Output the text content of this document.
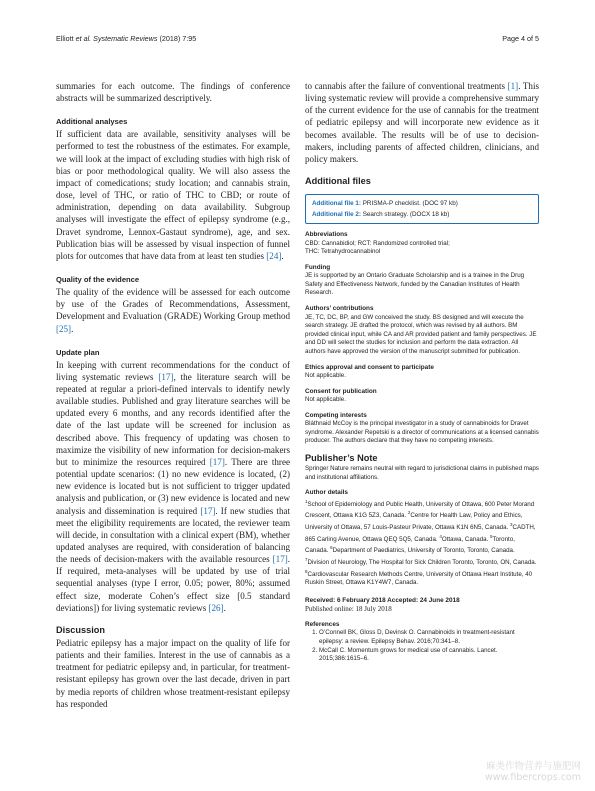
Elliott et al. Systematic Reviews (2018) 7:95	Page 4 of 5

summaries for each outcome. The findings of conference abstracts will be summarized descriptively.

Additional analyses

If sufficient data are available, sensitivity analyses will be performed to test the robustness of the estimates. For example, we will look at the impact of excluding studies with high risk of bias or poor methodological quality. We will also assess the impact of comedications; study location; and cannabis strain, dose, level of THC, or ratio of THC to CBD; or route of administration, depending on data availability. Subgroup analyses will investigate the effect of epilepsy syndrome (e.g., Dravet syndrome, Lennox-Gastaut syndrome), age, and sex. Publication bias will be assessed by visual inspection of funnel plots for outcomes that have data from at least ten studies [24].

Quality of the evidence

The quality of the evidence will be assessed for each outcome by use of the Grades of Recommendations, Assessment, Development and Evaluation (GRADE) Working Group method [25].

Update plan

In keeping with current recommendations for the conduct of living systematic reviews [17], the literature search will be repeated at regular a priori-defined intervals to identify newly available studies. Published and gray literature searches will be updated every 6 months, and any records identified after the date of the last update will be screened for inclusion as described above. This frequency of updating was chosen to maximize the visibility of new information for decision-makers but to minimize the resources required [17]. There are three potential update scenarios: (1) no new evidence is located, (2) new evidence is located but is not sufficient to trigger updated analysis and publication, or (3) new evidence is located and new analysis and dissemination is required [17]. If new studies that meet the eligibility requirements are located, the reviewer team will decide, in consultation with a clinical expert (BM), whether updated analyses are required, with consideration of balancing the needs of decision-makers with the available resources [17]. If required, meta-analyses will be updated by use of trial sequential analyses (type I error, 0.05; power, 80%; assumed effect size, moderate Cohen’s effect size [0.5 standard deviations]) for living systematic reviews [26].

Discussion

Pediatric epilepsy has a major impact on the quality of life for patients and their families. Interest in the use of cannabis as a treatment for pediatric epilepsy and, in particular, for treatment-resistant epilepsy has grown over the last decade, driven in part by media reports of children whose treatment-resistant epilepsy has responded

to cannabis after the failure of conventional treatments [1]. This living systematic review will provide a comprehensive summary of the current evidence for the use of cannabis for the treatment of pediatric epilepsy and will incorporate new evidence as it becomes available. The results will be of use to decision-makers, including parents of affected children, clinicians, and policy makers.

Additional files
Additional file 1: PRISMA-P checklist. (DOC 97 kb)
Additional file 2: Search strategy. (DOCX 18 kb)
Abbreviations

CBD: Cannabidiol; RCT: Randomized controlled trial;

THC: Tetrahydrocannabinol

Funding

JE is supported by an Ontario Graduate Scholarship and is a trainee in the Drug Safety and Effectiveness Network, funded by the Canadian Institutes of Health Research.

Authors’ contributions

JE, TC, DC, BP, and GW conceived the study. BS designed and will execute the search strategy. JE drafted the protocol, which was revised by all authors. BM provided clinical input, while CA and AR provided patient and family perspectives. JE and DD will select the studies for inclusion and perform the data extraction. All authors have approved the version of the manuscript submitted for publication.

Ethics approval and consent to participate

Not applicable.

Consent for publication

Not applicable.

Competing interests

Bláthnaid McCoy is the principal investigator in a study of cannabinoids for Dravet syndrome. Alexander Repetski is a director of communications at a licensed cannabis producer. The authors declare that they have no competing interests.

Publisher’s Note

Springer Nature remains neutral with regard to jurisdictional claims in published maps and institutional affiliations.

Author details

$^1$School of Epidemiology and Public Health, University of Ottawa, 600 Peter Morand Crescent, Ottawa K1G 5Z3, Canada. $^2$Centre for Health Law, Policy and Ethics, University of Ottawa, 57 Louis-Pasteur Private, Ottawa K1N 6N5, Canada. $^3$CADTH, 865 Carling Avenue, Ottawa QEQ 5Q5, Canada. $^4$Ottawa, Canada. $^5$Toronto, Canada. $^6$Department of Paediatrics, University of Toronto, Toronto, Canada. $^7$Division of Neurology, The Hospital for Sick Children Toronto, Toronto, ON, Canada. $^8$Cardiovascular Research Methods Centre, University of Ottawa Heart Institute, 40 Ruskin Street, Ottawa K1Y4W7, Canada.

Received: 6 February 2018 Accepted: 24 June 2018
Published online: 18 July 2018
References
1. O’Connell BK, Gloss D, Devinsk O. Cannabinoids in treatment-resistant epilepsy: a review. Epilepsy Behav. 2016;70:341–8.
2. McCall C. Momentum grows for medical use of cannabis. Lancet. 2015;386:1615–6.
麻类作物营养与施肥网
www.fibercrops.com
